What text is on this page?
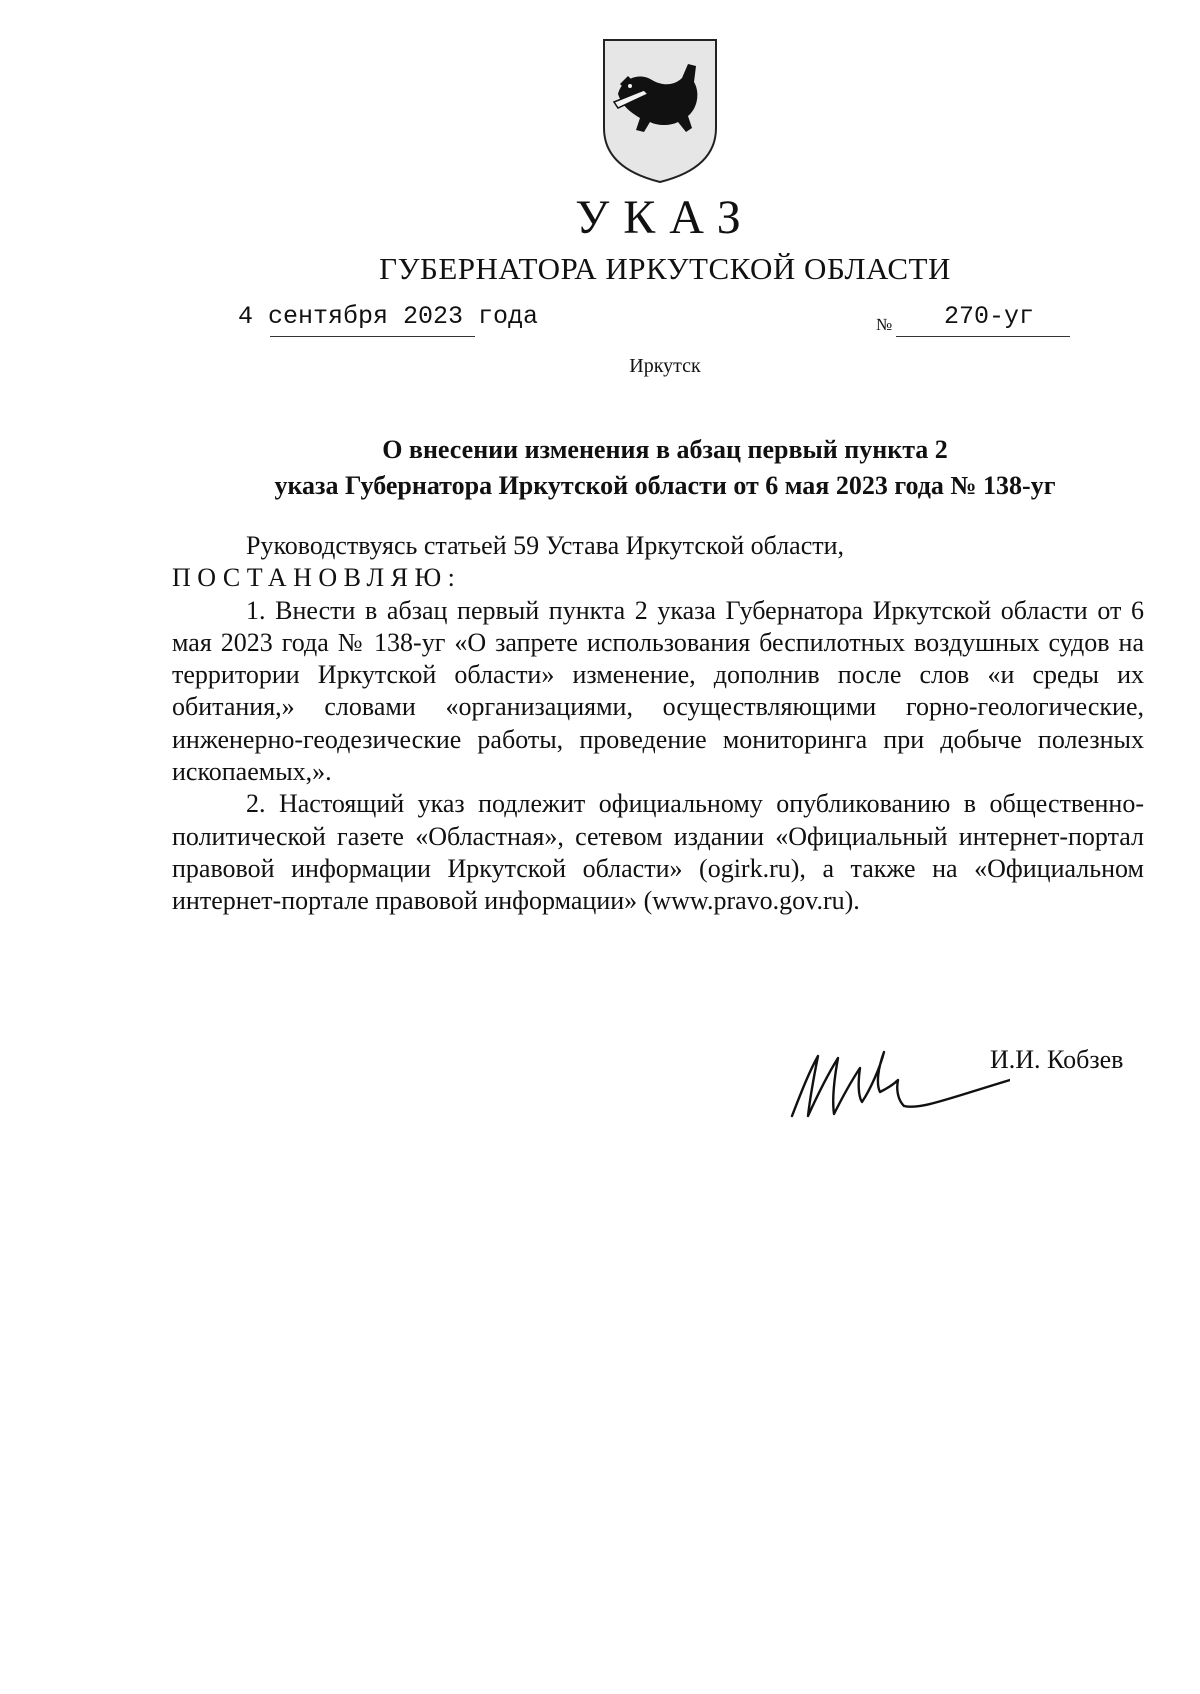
УКАЗ
ГУБЕРНАТОРА ИРКУТСКОЙ ОБЛАСТИ
4 сентября 2023 года	№ 270-уг
Иркутск
О внесении изменения в абзац первый пункта 2
указа Губернатора Иркутской области от 6 мая 2023 года № 138-уг

Руководствуясь статьей 59 Устава Иркутской области,

ПОСТАНОВЛЯЮ:

1. Внести в абзац первый пункта 2 указа Губернатора Иркутской области от 6 мая 2023 года № 138-уг «О запрете использования беспилотных воздушных судов на территории Иркутской области» изменение, дополнив после слов «и среды их обитания,» словами «организациями, осуществляющими горно-геологические, инженерно-геодезические работы, проведение мониторинга при добыче полезных ископаемых,».

2. Настоящий указ подлежит официальному опубликованию в общественно-политической газете «Областная», сетевом издании «Официальный интернет-портал правовой информации Иркутской области» (ogirk.ru), а также на «Официальном интернет-портале правовой информации» (www.pravo.gov.ru).

И.И. Кобзев
